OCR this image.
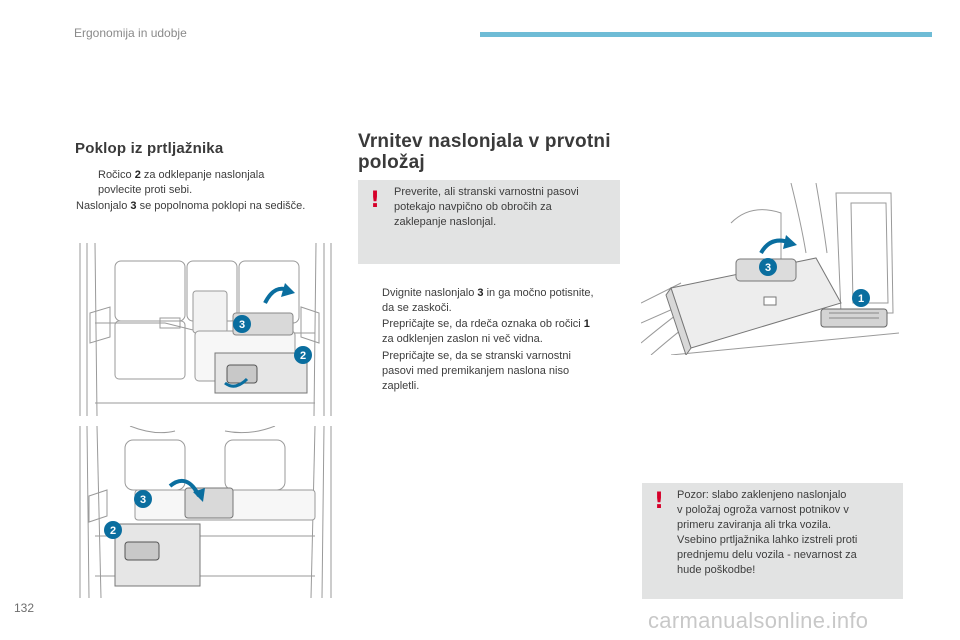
Ergonomija in udobje
Poklop iz prtljažnika
Ročico 2 za odklepanje naslonjala
povlecite proti sebi.
Naslonjalo 3 se popolnoma poklopi na sedišče.
3
2
3
2
Vrnitev naslonjala v prvotni
položaj
! Preverite, ali stranski varnostni pasovi
potekajo navpično ob obročih za
zaklepanje naslonjal.
Dvignite naslonjalo 3 in ga močno potisnite,
da se zaskoči.
Prepričajte se, da rdeča oznaka ob ročici 1
za odklenjen zaslon ni več vidna.
Prepričajte se, da se stranski varnostni
pasovi med premikanjem naslona niso
zapletli.
3
1
! Pozor: slabo zaklenjeno naslonjalo
v položaj ogroža varnost potnikov v
primeru zaviranja ali trka vozila.
Vsebino prtljažnika lahko izstreli proti
prednjemu delu vozila - nevarnost za
hude poškodbe!
132	carmanualsonline.info
